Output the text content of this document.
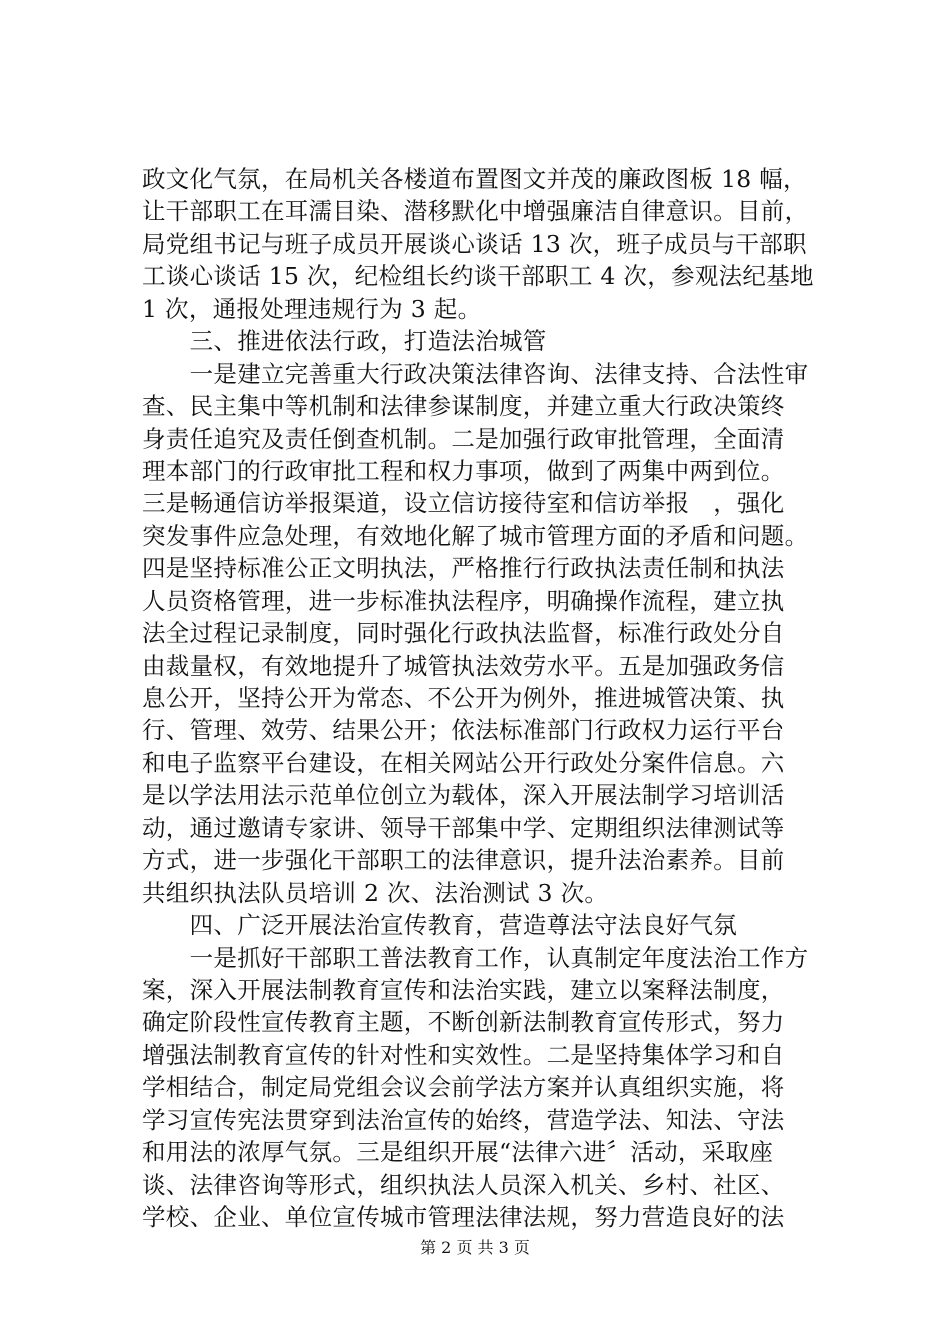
政文化气氛，在局机关各楼道布置图文并茂的廉政图板 18 幅，
让干部职工在耳濡目染、潜移默化中增强廉洁自律意识。目前，
局党组书记与班子成员开展谈心谈话 13 次，班子成员与干部职
工谈心谈话 15 次，纪检组长约谈干部职工 4 次，参观法纪基地
1 次，通报处理违规行为 3 起。
　　三、推进依法行政，打造法治城管
　　一是建立完善重大行政决策法律咨询、法律支持、合法性审
查、民主集中等机制和法律参谋制度，并建立重大行政决策终
身责任追究及责任倒查机制。二是加强行政审批管理，全面清
理本部门的行政审批工程和权力事项，做到了两集中两到位。
三是畅通信访举报渠道，设立信访接待室和信访举报　，强化
突发事件应急处理，有效地化解了城市管理方面的矛盾和问题。
四是坚持标准公正文明执法，严格推行行政执法责任制和执法
人员资格管理，进一步标准执法程序，明确操作流程，建立执
法全过程记录制度，同时强化行政执法监督，标准行政处分自
由裁量权，有效地提升了城管执法效劳水平。五是加强政务信
息公开，坚持公开为常态、不公开为例外，推进城管决策、执
行、管理、效劳、结果公开；依法标准部门行政权力运行平台
和电子监察平台建设，在相关网站公开行政处分案件信息。六
是以学法用法示范单位创立为载体，深入开展法制学习培训活
动，通过邀请专家讲、领导干部集中学、定期组织法律测试等
方式，进一步强化干部职工的法律意识，提升法治素养。目前
共组织执法队员培训 2 次、法治测试 3 次。
　　四、广泛开展法治宣传教育，营造尊法守法良好气氛
　　一是抓好干部职工普法教育工作，认真制定年度法治工作方
案，深入开展法制教育宣传和法治实践，建立以案释法制度，
确定阶段性宣传教育主题，不断创新法制教育宣传形式，努力
增强法制教育宣传的针对性和实效性。二是坚持集体学习和自
学相结合，制定局党组会议会前学法方案并认真组织实施，将
学习宣传宪法贯穿到法治宣传的始终，营造学法、知法、守法
和用法的浓厚气氛。三是组织开展“法律六进〞活动，采取座
谈、法律咨询等形式，组织执法人员深入机关、乡村、社区、
学校、企业、单位宣传城市管理法律法规，努力营造良好的法
第 2 页 共 3 页
